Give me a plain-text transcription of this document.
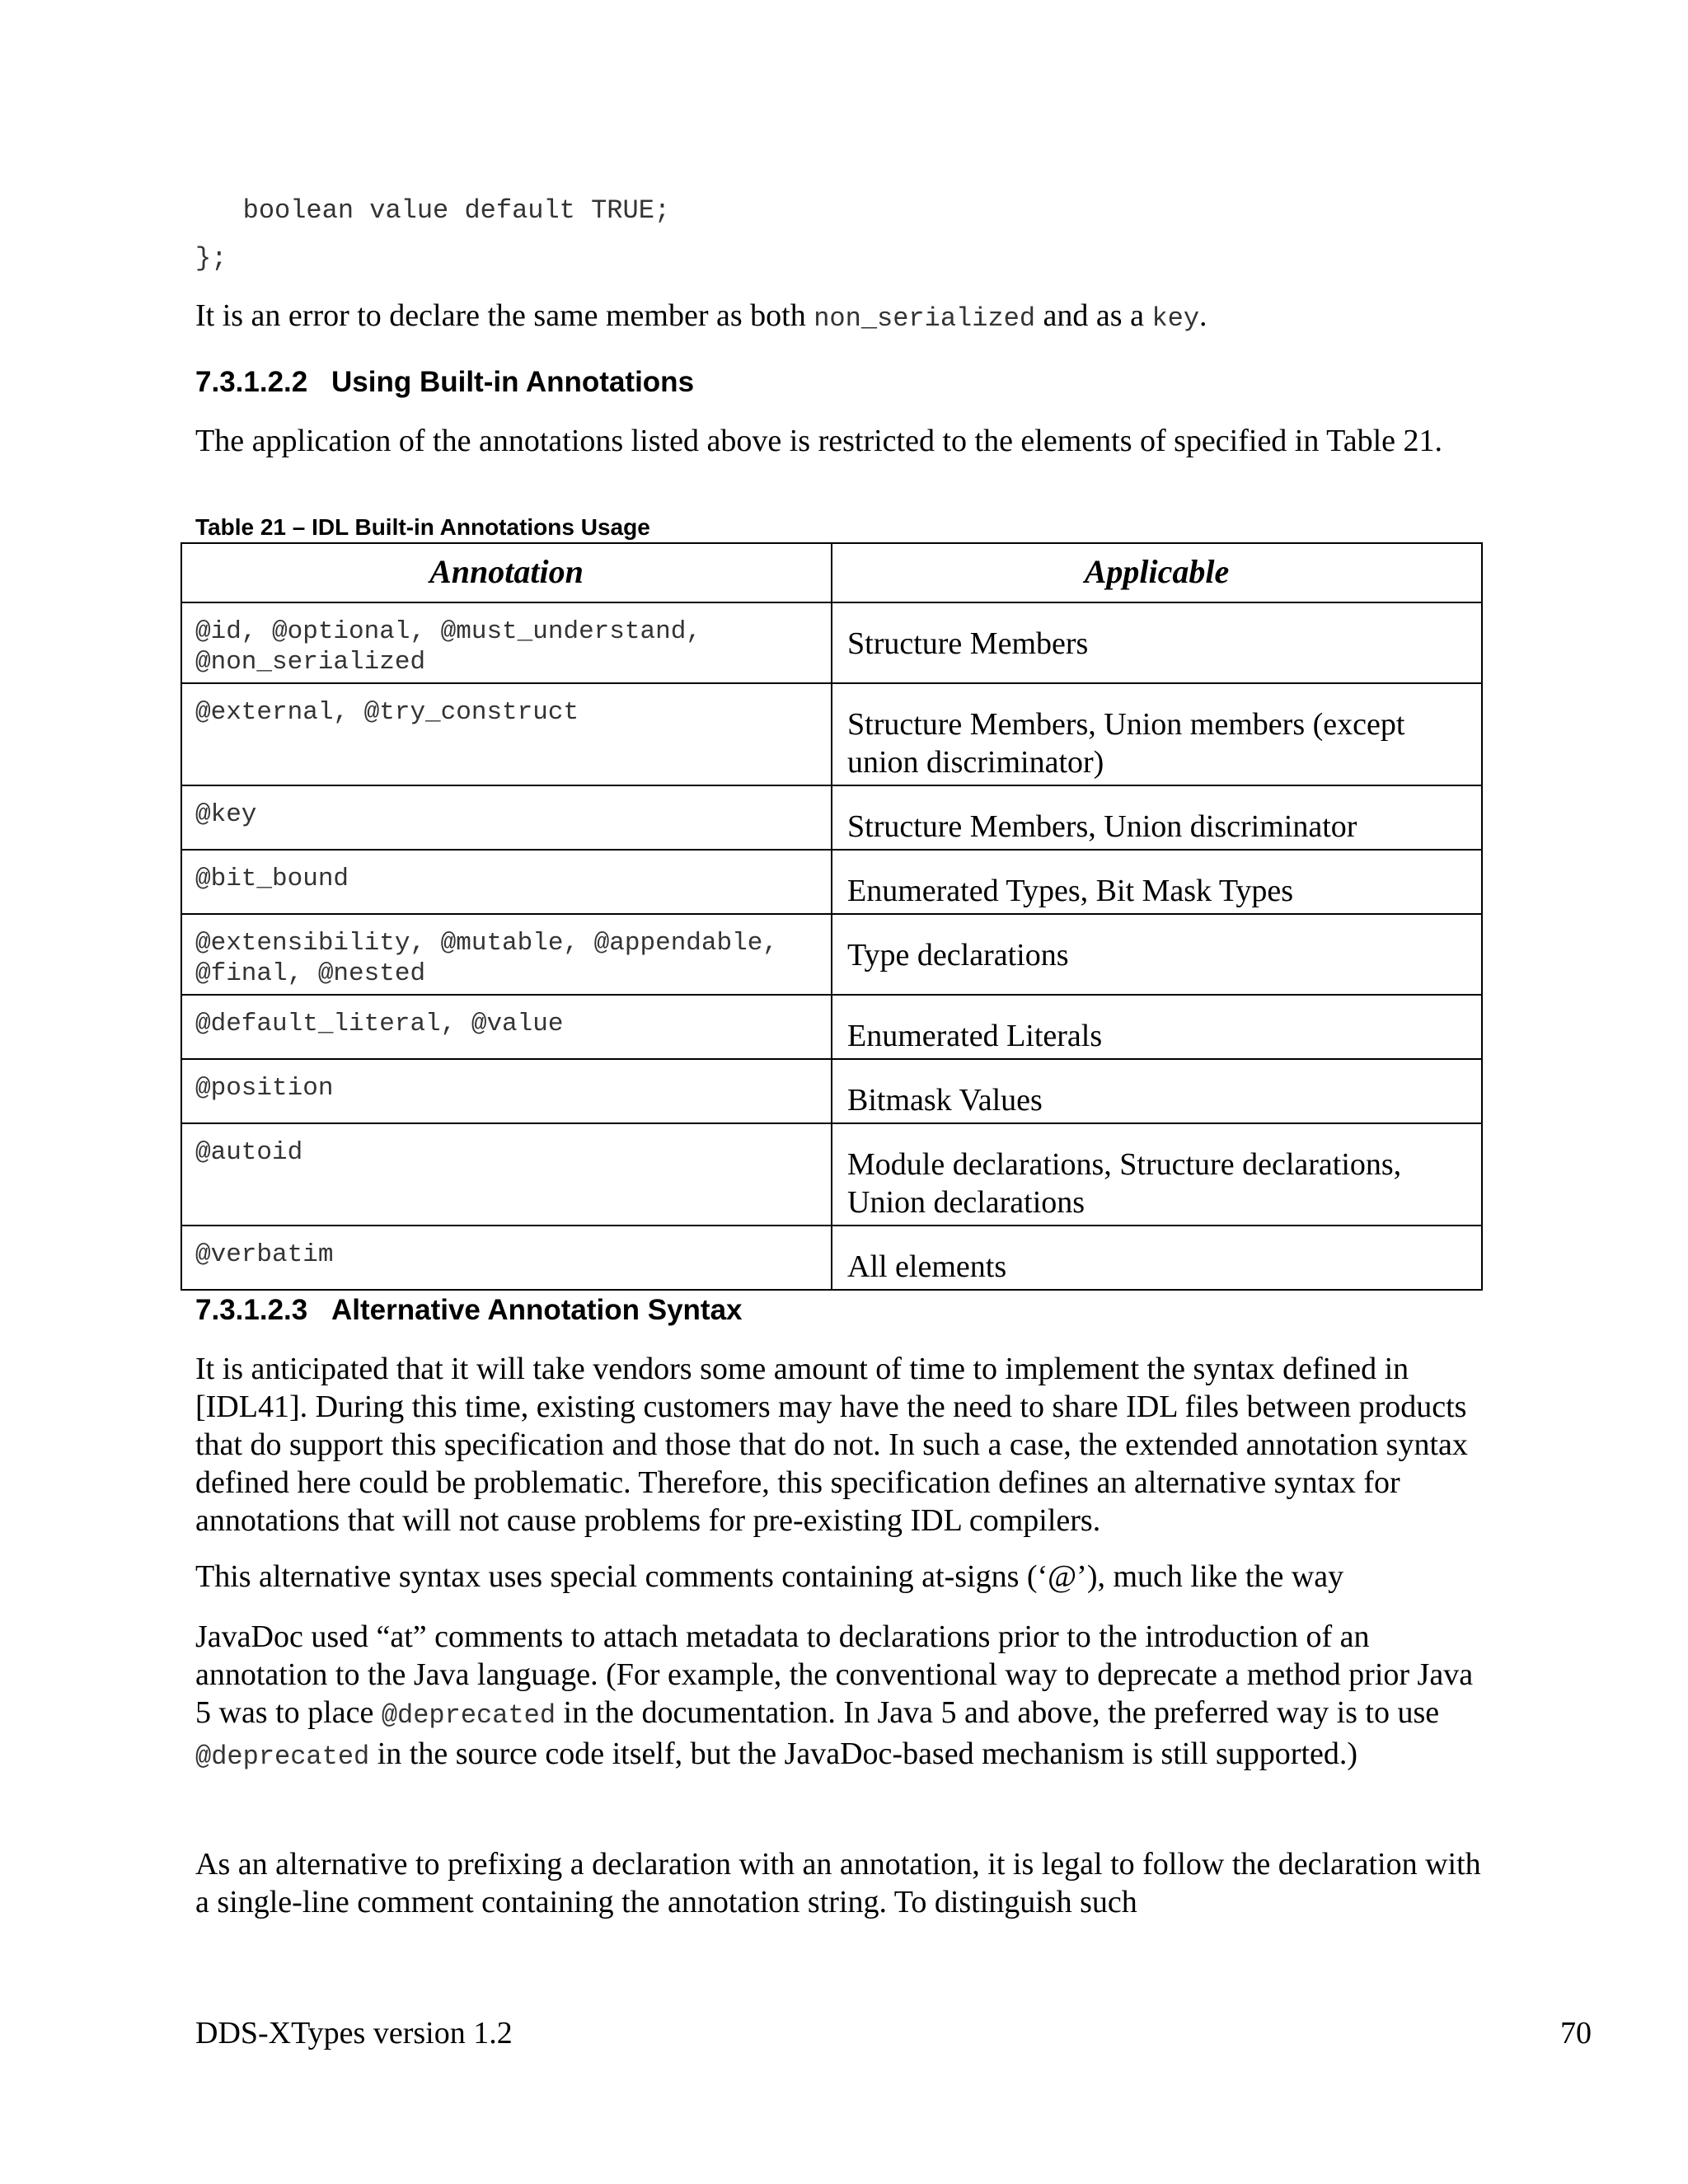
boolean value default TRUE;
};

It is an error to declare the same member as both non_serialized and as a key.

7.3.1.2.2 Using Built-in Annotations

The application of the annotations listed above is restricted to the elements of specified in Table 21.

Table 21 – IDL Built-in Annotations Usage

Annotation	Applicable
@id, @optional, @must_understand, @non_serialized	Structure Members
@external, @try_construct	Structure Members, Union members (except union discriminator)
@key	Structure Members, Union discriminator
@bit_bound	Enumerated Types, Bit Mask Types
@extensibility, @mutable, @appendable, @final, @nested	Type declarations
@default_literal, @value	Enumerated Literals
@position	Bitmask Values
@autoid	Module declarations, Structure declarations, Union declarations
@verbatim	All elements
7.3.1.2.3 Alternative Annotation Syntax

It is anticipated that it will take vendors some amount of time to implement the syntax defined in [IDL41]. During this time, existing customers may have the need to share IDL files between products that do support this specification and those that do not. In such a case, the extended annotation syntax defined here could be problematic. Therefore, this specification defines an alternative syntax for annotations that will not cause problems for pre-existing IDL compilers.

This alternative syntax uses special comments containing at-signs (‘@’), much like the way

JavaDoc used “at” comments to attach metadata to declarations prior to the introduction of an annotation to the Java language. (For example, the conventional way to deprecate a method prior Java 5 was to place @deprecated in the documentation. In Java 5 and above, the preferred way is to use @deprecated in the source code itself, but the JavaDoc-based mechanism is still supported.)

As an alternative to prefixing a declaration with an annotation, it is legal to follow the declaration with a single-line comment containing the annotation string. To distinguish such

DDS-XTypes version 1.2	70
